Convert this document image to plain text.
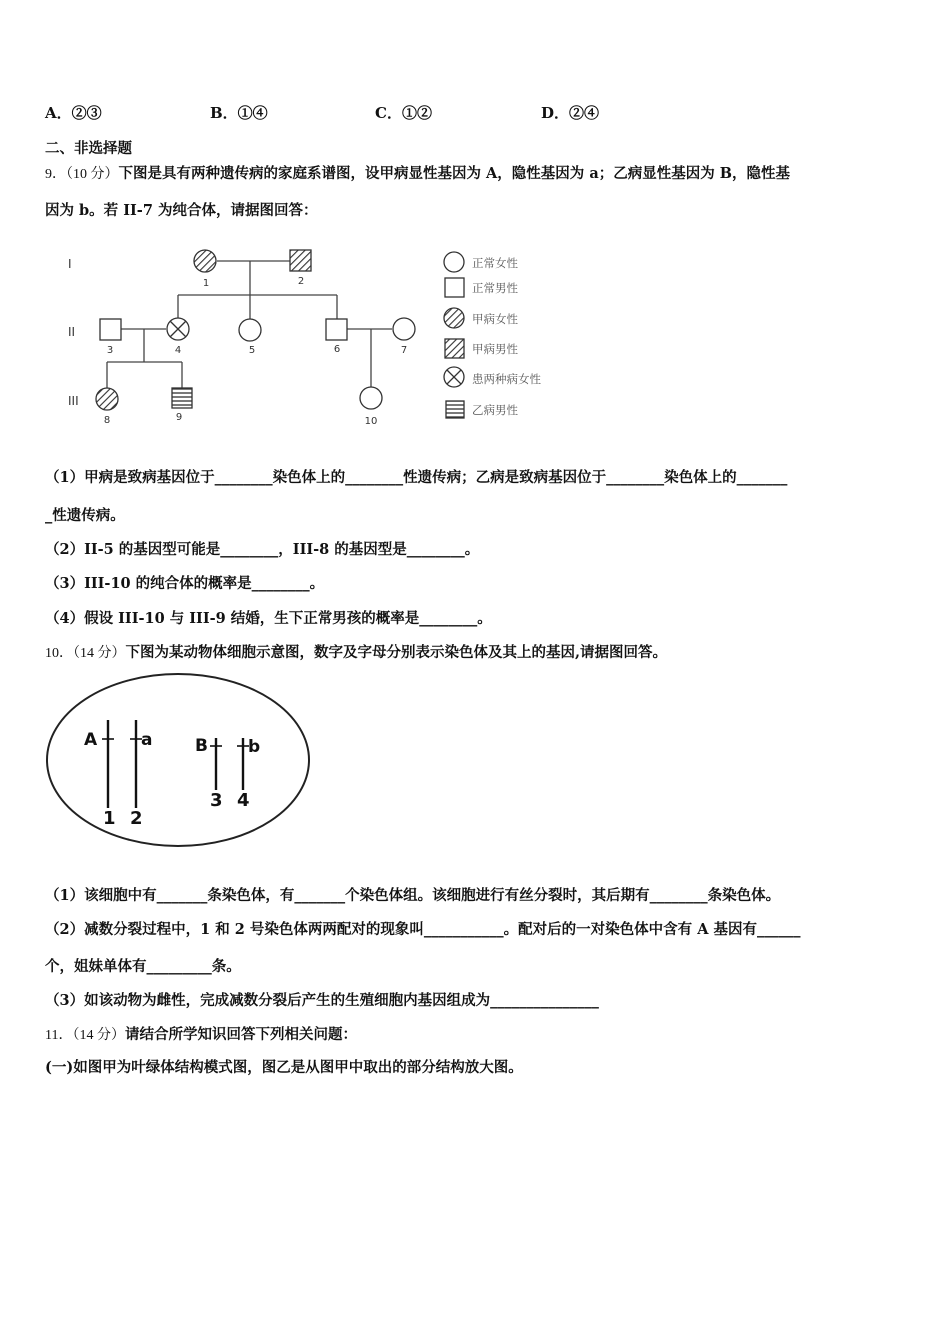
A．②③	B．①④	C．①②	D．②④
二、非选择题
9．（10 分）下图是具有两种遗传病的家庭系谱图，设甲病显性基因为 A，隐性基因为 a；乙病显性基因为 B，隐性基
因为 b。若 II-7 为纯合体，请据图回答：
I
II
III
1	2
3	4	5	6	7
8	9	10
正常女性
正常男性
甲病女性
甲病男性
患两种病女性
乙病男性
（1）甲病是致病基因位于________染色体上的________性遗传病；乙病是致病基因位于________染色体上的_______
_性遗传病。
（2）II-5 的基因型可能是________，III-8 的基因型是________。
（3）III-10 的纯合体的概率是________。
（4）假设 III-10 与 III-9 结婚，生下正常男孩的概率是________。
10．（14 分）下图为某动物体细胞示意图，数字及字母分别表示染色体及其上的基因,请据图回答。
A	a	B b
1 2
3 4
（1）该细胞中有_______条染色体，有_______个染色体组。该细胞进行有丝分裂时，其后期有________条染色体。
（2）减数分裂过程中，1 和 2 号染色体两两配对的现象叫___________。配对后的一对染色体中含有 A 基因有______
个，姐妹单体有_________条。
（3）如该动物为雌性，完成减数分裂后产生的生殖细胞内基因组成为_______________
11．（14 分）请结合所学知识回答下列相关问题：
(一)如图甲为叶绿体结构模式图，图乙是从图甲中取出的部分结构放大图。
